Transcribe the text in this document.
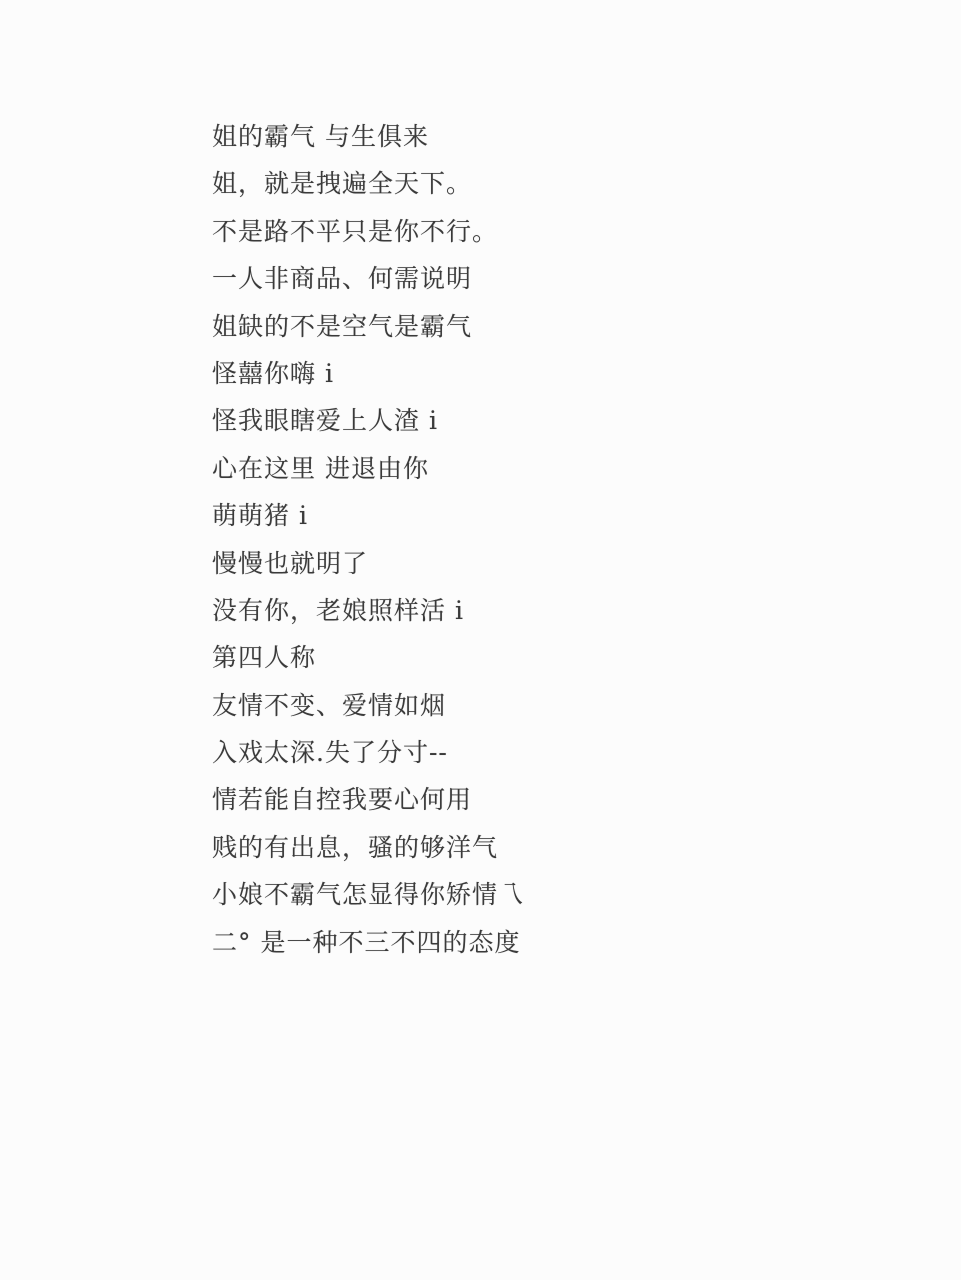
姐的霸气 与生俱来
姐，就是拽遍全天下。
不是路不平只是你不行。
一人非商品、何需说明
姐缺的不是空气是霸气
怪囍你嗨 i
怪我眼瞎爱上人渣 i
心在这里 进退由你
萌萌猪 i
慢慢也就明了
没有你，老娘照样活 i
第四人称
友情不变、爱情如烟
入戏太深.失了分寸--
情若能自控我要心何用
贱的有出息，骚的够洋气
小娘不霸气怎显得你矫情乁
二° 是一种不三不四的态度
